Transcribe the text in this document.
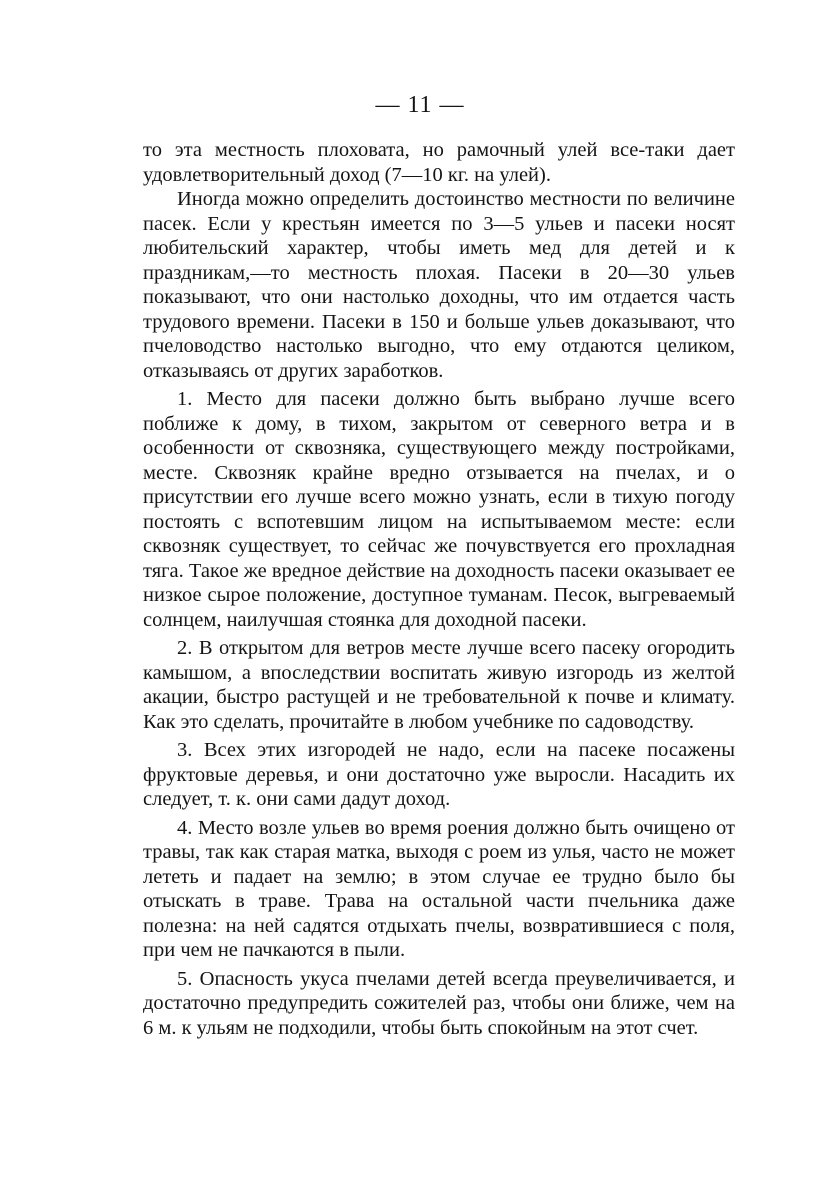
— 11 —

то эта местность плоховата, но рамочный улей все-таки дает удовлетворительный доход (7—10 кг. на улей).

Иногда можно определить достоинство местности по величине пасек. Если у крестьян имеется по 3—5 ульев и пасеки носят любительский характер, чтобы иметь мед для детей и к праздникам,—то местность плохая. Пасеки в 20—30 ульев показывают, что они настолько доходны, что им отдается часть трудового времени. Пасеки в 150 и больше ульев доказывают, что пчеловодство настолько выгодно, что ему отдаются целиком, отказываясь от других заработков.

1. Место для пасеки должно быть выбрано лучше всего поближе к дому, в тихом, закрытом от северного ветра и в особенности от сквозняка, существующего между постройками, месте. Сквозняк крайне вредно отзывается на пчелах, и о присутствии его лучше всего можно узнать, если в тихую погоду постоять с вспотевшим лицом на испытываемом месте: если сквозняк существует, то сейчас же почувствуется его прохладная тяга. Такое же вредное действие на доходность пасеки оказывает ее низкое сырое положение, доступное туманам. Песок, выгреваемый солнцем, наилучшая стоянка для доходной пасеки.

2. В открытом для ветров месте лучше всего пасеку огородить камышом, а впоследствии воспитать живую изгородь из желтой акации, быстро растущей и не требовательной к почве и климату. Как это сделать, прочитайте в любом учебнике по садоводству.

3. Всех этих изгородей не надо, если на пасеке посажены фруктовые деревья, и они достаточно уже выросли. Насадить их следует, т. к. они сами дадут доход.

4. Место возле ульев во время роения должно быть очищено от травы, так как старая матка, выходя с роем из улья, часто не может лететь и падает на землю; в этом случае ее трудно было бы отыскать в траве. Трава на остальной части пчельника даже полезна: на ней садятся отдыхать пчелы, возвратившиеся с поля, при чем не пачкаются в пыли.

5. Опасность укуса пчелами детей всегда преувеличивается, и достаточно предупредить сожителей раз, чтобы они ближе, чем на 6 м. к ульям не подходили, чтобы быть спокойным на этот счет.
